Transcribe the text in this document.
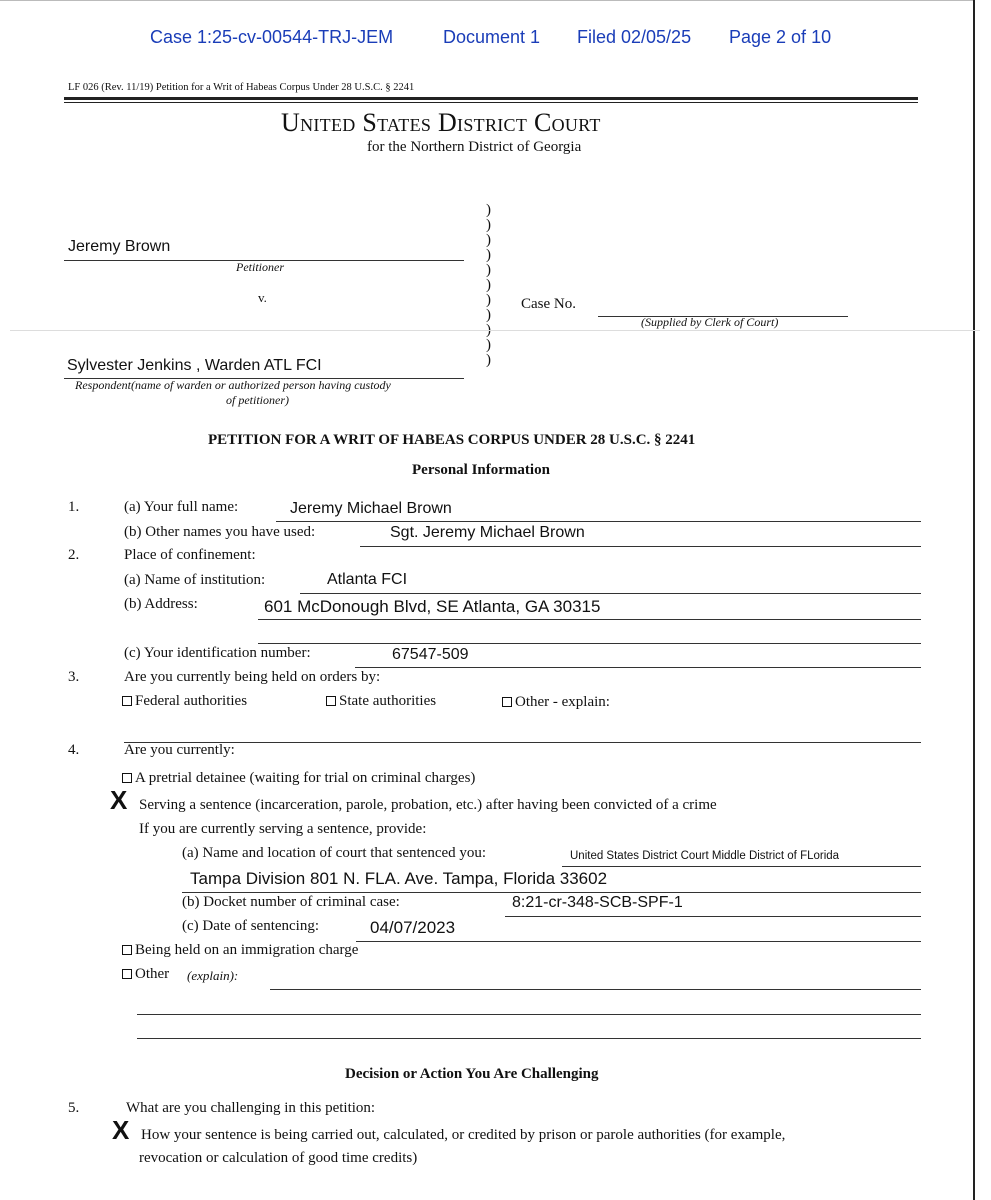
Case 1:25-cv-00544-TRJ-JEM	Document 1 Filed 02/05/25 Page 2 of 10
LF 026 (Rev. 11/19) Petition for a Writ of Habeas Corpus Under 28 U.S.C. § 2241
United States District Court
for the Northern District of Georgia
)
)
)
)
)
)
)
)

)
)
Jeremy Brown
Petitioner
v.	Case No.
(Supplied by Clerk of Court)
Sylvester Jenkins , Warden ATL FCI
Respondent(name of warden or authorized person having custody
of petitioner)
PETITION FOR A WRIT OF HABEAS CORPUS UNDER 28 U.S.C. § 2241
Personal Information
1.	(a) Your full name:	Jeremy Michael Brown
(b) Other names you have used:	Sgt. Jeremy Michael Brown
2.	Place of confinement:
(a) Name of institution:	Atlanta FCI
(b) Address:	601 McDonough Blvd, SE Atlanta, GA 30315
(c) Your identification number:	67547-509
3.	Are you currently being held on orders by:
Federal authorities	State authorities	Other - explain:
4.	Are you currently:
A pretrial detainee (waiting for trial on criminal charges)
X Serving a sentence (incarceration, parole, probation, etc.) after having been convicted of a crime
If you are currently serving a sentence, provide:
(a) Name and location of court that sentenced you:	United States District Court Middle District of FLorida
Tampa Division 801 N. FLA. Ave. Tampa, Florida 33602
(b) Docket number of criminal case:	8:21-cr-348-SCB-SPF-1
(c) Date of sentencing:	04/07/2023
Being held on an immigration charge
Other (explain):
Decision or Action You Are Challenging
5.	What are you challenging in this petition:
X How your sentence is being carried out, calculated, or credited by prison or parole authorities (for example,
revocation or calculation of good time credits)
